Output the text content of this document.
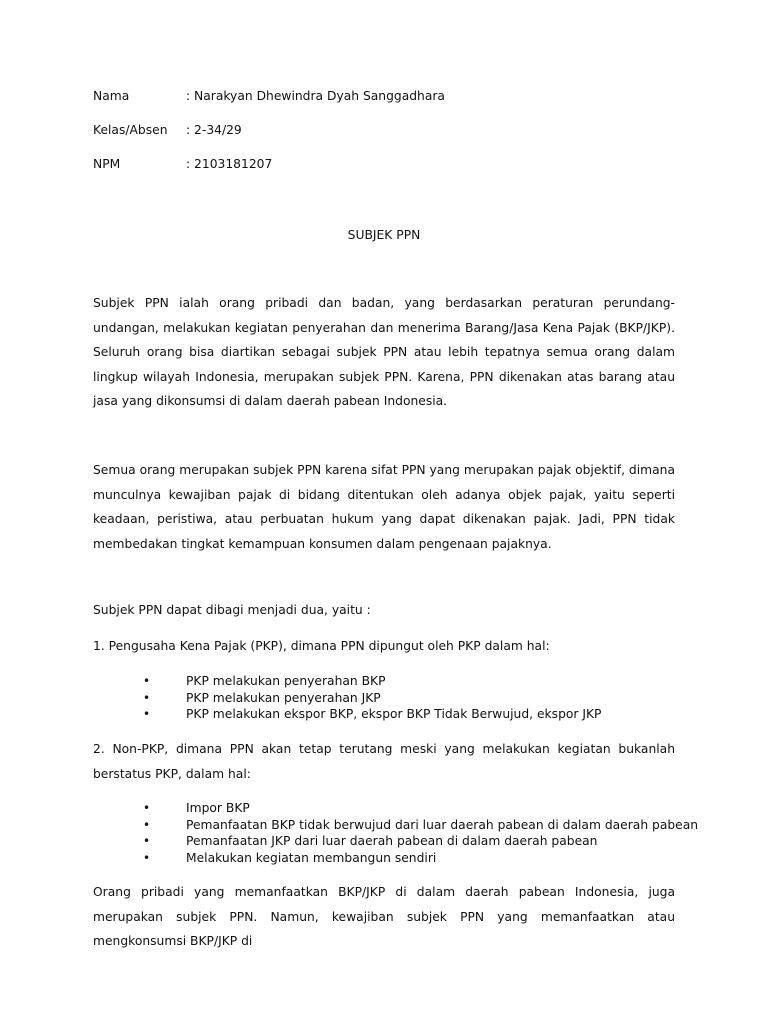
Nama	: Narakyan Dhewindra Dyah Sanggadhara
Kelas/Absen : 2-34/29
NPM	: 2103181207
SUBJEK PPN
Subjek PPN ialah orang pribadi dan badan, yang berdasarkan peraturan perundang-undangan, melakukan kegiatan penyerahan dan menerima Barang/Jasa Kena Pajak (BKP/JKP). Seluruh orang bisa diartikan sebagai subjek PPN atau lebih tepatnya semua orang dalam lingkup wilayah Indonesia, merupakan subjek PPN. Karena, PPN dikenakan atas barang atau jasa yang dikonsumsi di dalam daerah pabean Indonesia.
Semua orang merupakan subjek PPN karena sifat PPN yang merupakan pajak objektif, dimana munculnya kewajiban pajak di bidang ditentukan oleh adanya objek pajak, yaitu seperti keadaan, peristiwa, atau perbuatan hukum yang dapat dikenakan pajak. Jadi, PPN tidak membedakan tingkat kemampuan konsumen dalam pengenaan pajaknya.
Subjek PPN dapat dibagi menjadi dua, yaitu :
1. Pengusaha Kena Pajak (PKP), dimana PPN dipungut oleh PKP dalam hal:
•	PKP melakukan penyerahan BKP
•	PKP melakukan penyerahan JKP
•	PKP melakukan ekspor BKP, ekspor BKP Tidak Berwujud, ekspor JKP
2. Non-PKP, dimana PPN akan tetap terutang meski yang melakukan kegiatan bukanlah berstatus PKP, dalam hal:
•	Impor BKP
•	Pemanfaatan BKP tidak berwujud dari luar daerah pabean di dalam daerah pabean
•	Pemanfaatan JKP dari luar daerah pabean di dalam daerah pabean
•	Melakukan kegiatan membangun sendiri
Orang pribadi yang memanfaatkan BKP/JKP di dalam daerah pabean Indonesia, juga merupakan subjek PPN. Namun, kewajiban subjek PPN yang memanfaatkan atau mengkonsumsi BKP/JKP di
